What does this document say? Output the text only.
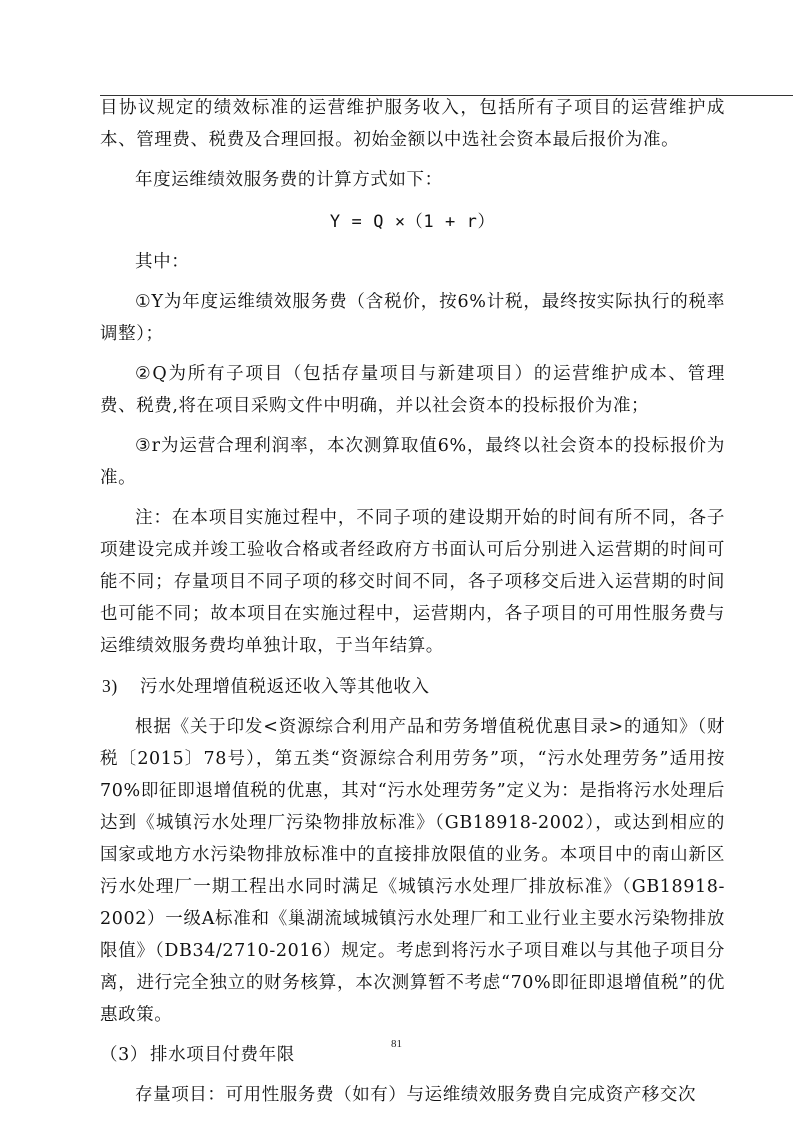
目协议规定的绩效标准的运营维护服务收入，包括所有子项目的运营维护成本、管理费、税费及合理回报。初始金额以中选社会资本最后报价为准。

年度运维绩效服务费的计算方式如下：

Y = Q ×（1 + r）

其中：

①Y为年度运维绩效服务费（含税价，按6%计税，最终按实际执行的税率调整）；

②Q为所有子项目（包括存量项目与新建项目）的运营维护成本、管理费、税费,将在项目采购文件中明确，并以社会资本的投标报价为准；

③r为运营合理利润率，本次测算取值6%，最终以社会资本的投标报价为准。

注：在本项目实施过程中，不同子项的建设期开始的时间有所不同，各子项建设完成并竣工验收合格或者经政府方书面认可后分别进入运营期的时间可能不同；存量项目不同子项的移交时间不同，各子项移交后进入运营期的时间也可能不同；故本项目在实施过程中，运营期内，各子项目的可用性服务费与运维绩效服务费均单独计取，于当年结算。

3) 污水处理增值税返还收入等其他收入

根据《关于印发<资源综合利用产品和劳务增值税优惠目录>的通知》（财税〔2015〕78号），第五类“资源综合利用劳务”项，“污水处理劳务”适用按70%即征即退增值税的优惠，其对“污水处理劳务”定义为：是指将污水处理后达到《城镇污水处理厂污染物排放标准》（GB18918-2002），或达到相应的国家或地方水污染物排放标准中的直接排放限值的业务。本项目中的南山新区污水处理厂一期工程出水同时满足《城镇污水处理厂排放标准》（GB18918-2002）一级A标准和《巢湖流域城镇污水处理厂和工业行业主要水污染物排放限值》（DB34/2710-2016）规定。考虑到将污水子项目难以与其他子项目分离，进行完全独立的财务核算，本次测算暂不考虑“70%即征即退增值税”的优惠政策。

（3） 排水项目付费年限

存量项目：可用性服务费（如有）与运维绩效服务费自完成资产移交次

81
